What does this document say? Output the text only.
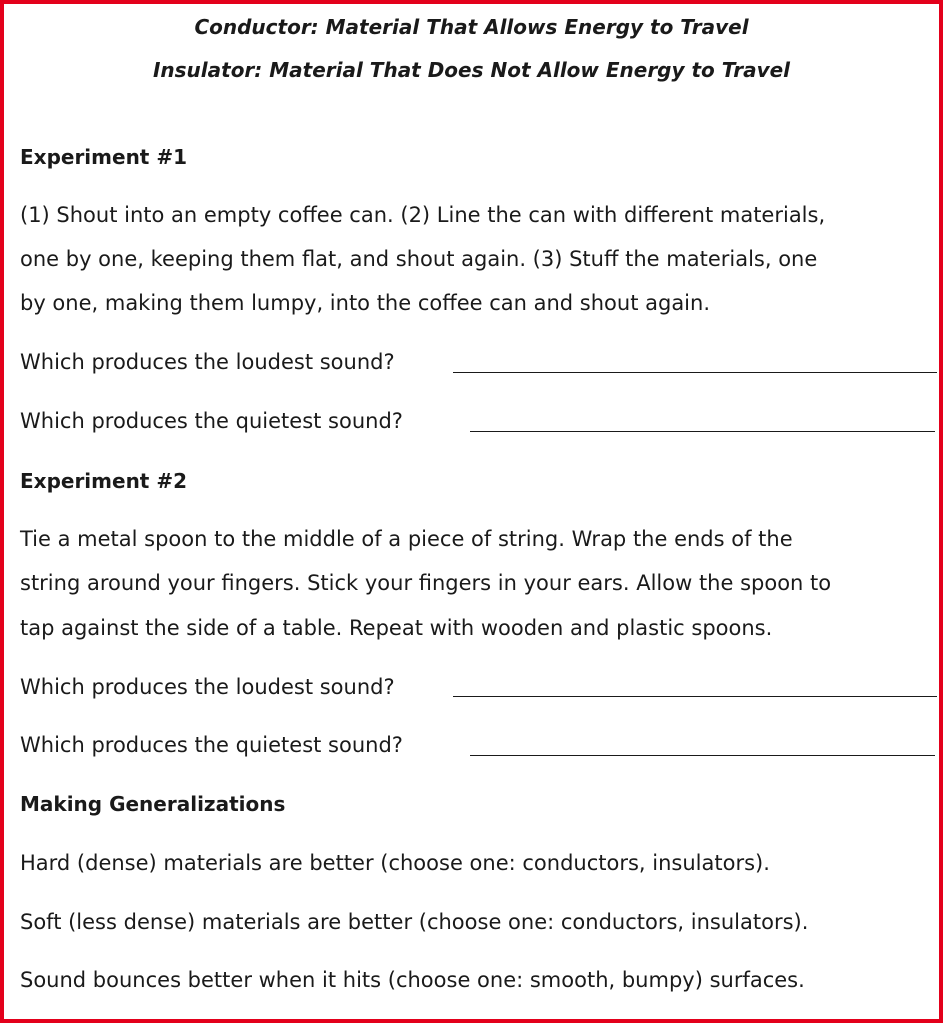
Conductor: Material That Allows Energy to Travel
Insulator: Material That Does Not Allow Energy to Travel
Experiment #1
(1) Shout into an empty coffee can. (2) Line the can with different materials,
one by one, keeping them flat, and shout again. (3) Stuff the materials, one
by one, making them lumpy, into the coffee can and shout again.
Which produces the loudest sound?
Which produces the quietest sound?
Experiment #2
Tie a metal spoon to the middle of a piece of string. Wrap the ends of the
string around your fingers. Stick your fingers in your ears. Allow the spoon to
tap against the side of a table. Repeat with wooden and plastic spoons.
Which produces the loudest sound?
Which produces the quietest sound?
Making Generalizations
Hard (dense) materials are better (choose one: conductors, insulators).
Soft (less dense) materials are better (choose one: conductors, insulators).
Sound bounces better when it hits (choose one: smooth, bumpy) surfaces.
